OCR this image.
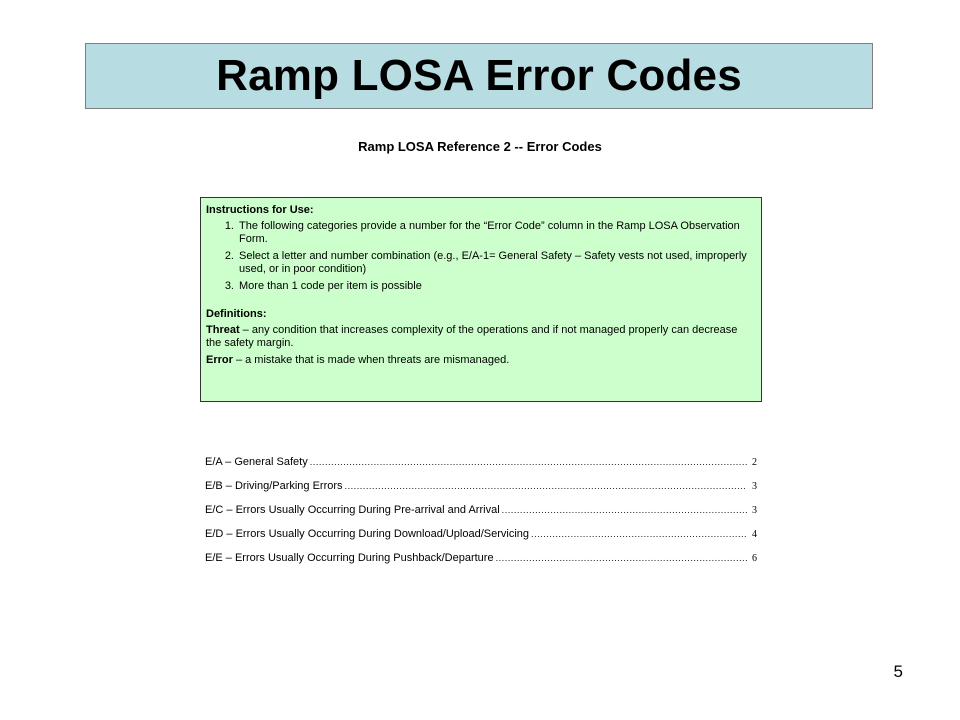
Ramp LOSA Error Codes
Ramp LOSA Reference 2 -- Error Codes
Instructions for Use:
1. The following categories provide a number for the “Error Code” column in the Ramp LOSA Observation Form.
2. Select a letter and number combination (e.g., E/A-1= General Safety – Safety vests not used, improperly used, or in poor condition)
3. More than 1 code per item is possible
Definitions:

Threat – any condition that increases complexity of the operations and if not managed properly can decrease the safety margin.

Error – a mistake that is made when threats are mismanaged.

E/A – General Safety .....	2
E/B – Driving/Parking Errors .....	3
E/C – Errors Usually Occurring During Pre-arrival and Arrival .....	3
E/D – Errors Usually Occurring During Download/Upload/Servicing .....	4
E/E – Errors Usually Occurring During Pushback/Departure .....	6
5
